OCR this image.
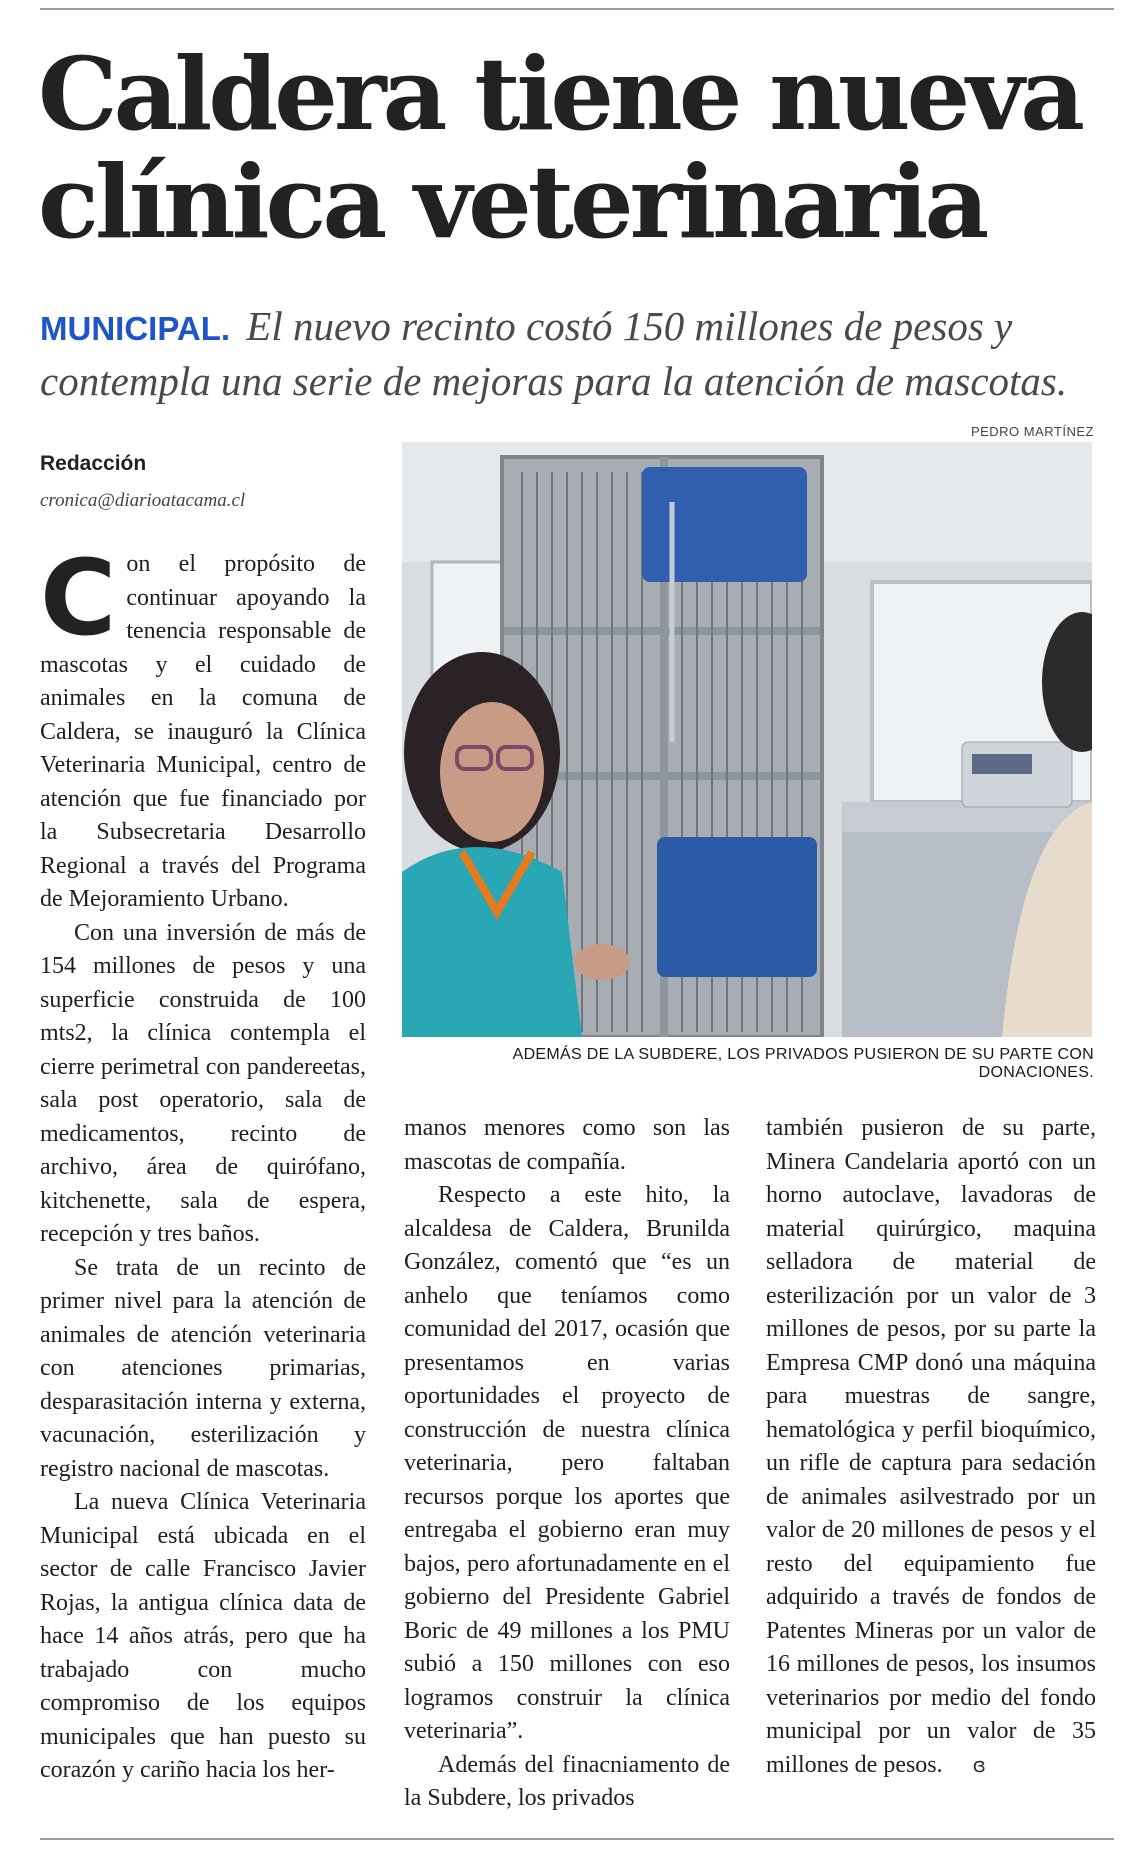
Caldera tiene nueva clínica veterinaria
MUNICIPAL. El nuevo recinto costó 150 millones de pesos y contempla una serie de mejoras para la atención de mascotas.
Redacción
cronica@diarioatacama.cl
PEDRO MARTÍNEZ
ADEMÁS DE LA SUBDERE, LOS PRIVADOS PUSIERON DE SU PARTE CON DONACIONES.

Con el propósito de continuar apoyando la tenencia responsable de mascotas y el cuidado de animales en la comuna de Caldera, se inauguró la Clínica Veterinaria Municipal, centro de atención que fue financiado por la Subsecretaria Desarrollo Regional a través del Programa de Mejoramiento Urbano.

Con una inversión de más de 154 millones de pesos y una superficie construida de 100 mts2, la clínica contempla el cierre perimetral con pandereetas, sala post operatorio, sala de medicamentos, recinto de archivo, área de quirófano, kitchenette, sala de espera, recepción y tres baños.

Se trata de un recinto de primer nivel para la atención de animales de atención veterinaria con atenciones primarias, desparasitación interna y externa, vacunación, esterilización y registro nacional de mascotas.

La nueva Clínica Veterinaria Municipal está ubicada en el sector de calle Francisco Javier Rojas, la antigua clínica data de hace 14 años atrás, pero que ha trabajado con mucho compromiso de los equipos municipales que han puesto su corazón y cariño hacia los her-

manos menores como son las mascotas de compañía.

Respecto a este hito, la alcaldesa de Caldera, Brunilda González, comentó que “es un anhelo que teníamos como comunidad del 2017, ocasión que presentamos en varias oportunidades el proyecto de construcción de nuestra clínica veterinaria, pero faltaban recursos porque los aportes que entregaba el gobierno eran muy bajos, pero afortunadamente en el gobierno del Presidente Gabriel Boric de 49 millones a los PMU subió a 150 millones con eso logramos construir la clínica veterinaria”.

Además del finacniamento de la Subdere, los privados

también pusieron de su parte, Minera Candelaria aportó con un horno autoclave, lavadoras de material quirúrgico, maquina selladora de material de esterilización por un valor de 3 millones de pesos, por su parte la Empresa CMP donó una máquina para muestras de sangre, hematológica y perfil bioquímico, un rifle de captura para sedación de animales asilvestrado por un valor de 20 millones de pesos y el resto del equipamiento fue adquirido a través de fondos de Patentes Mineras por un valor de 16 millones de pesos, los insumos veterinarios por medio del fondo municipal por un valor de 35 millones de pesos. ɞ
